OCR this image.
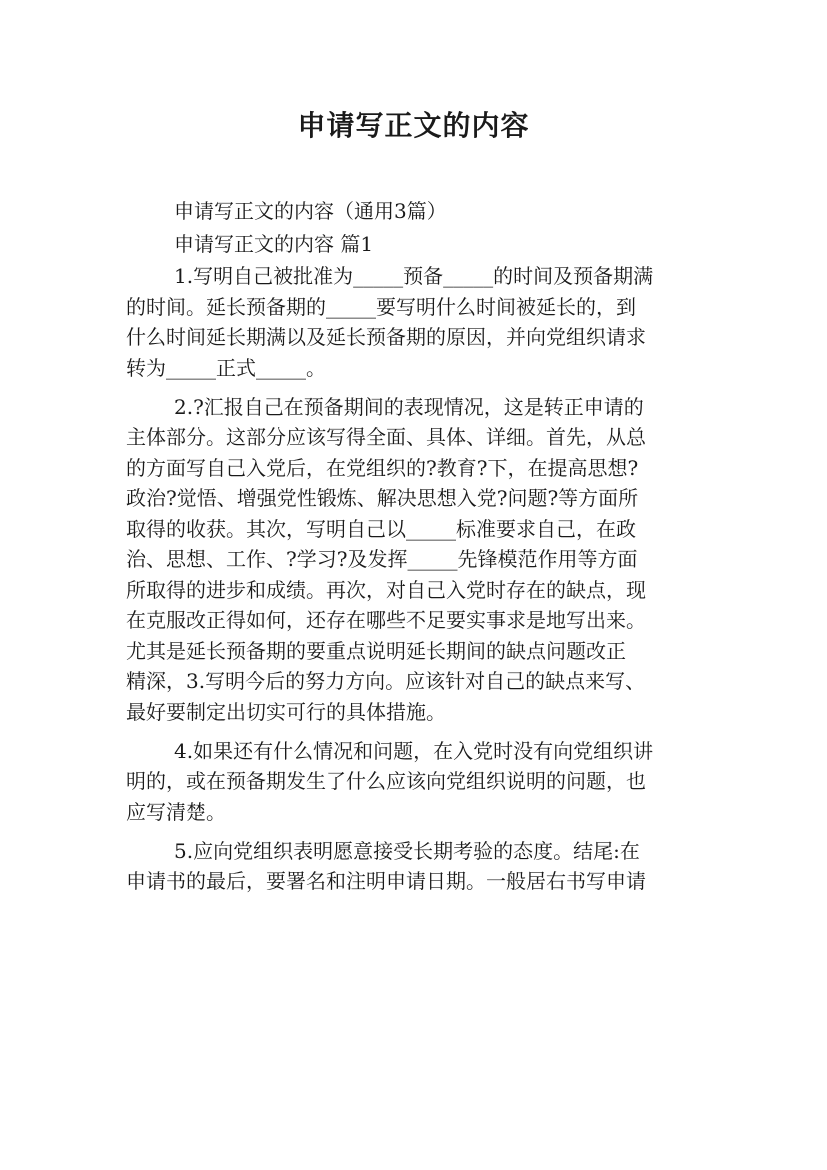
申请写正文的内容
申请写正文的内容（通用3篇）
申请写正文的内容 篇1
1.写明自己被批准为_____预备_____的时间及预备期满
的时间。延长预备期的_____要写明什么时间被延长的，到
什么时间延长期满以及延长预备期的原因，并向党组织请求
转为_____正式_____。
2.?汇报自己在预备期间的表现情况，这是转正申请的
主体部分。这部分应该写得全面、具体、详细。首先，从总
的方面写自己入党后，在党组织的?教育?下，在提高思想?
政治?觉悟、增强党性锻炼、解决思想入党?问题?等方面所
取得的收获。其次，写明自己以_____标准要求自己，在政
治、思想、工作、?学习?及发挥_____先锋模范作用等方面
所取得的进步和成绩。再次，对自己入党时存在的缺点，现
在克服改正得如何，还存在哪些不足要实事求是地写出来。
尤其是延长预备期的要重点说明延长期间的缺点问题改正
精深，3.写明今后的努力方向。应该针对自己的缺点来写、
最好要制定出切实可行的具体措施。
4.如果还有什么情况和问题，在入党时没有向党组织讲
明的，或在预备期发生了什么应该向党组织说明的问题，也
应写清楚。
5.应向党组织表明愿意接受长期考验的态度。结尾:在
申请书的最后，要署名和注明申请日期。一般居右书写申请
